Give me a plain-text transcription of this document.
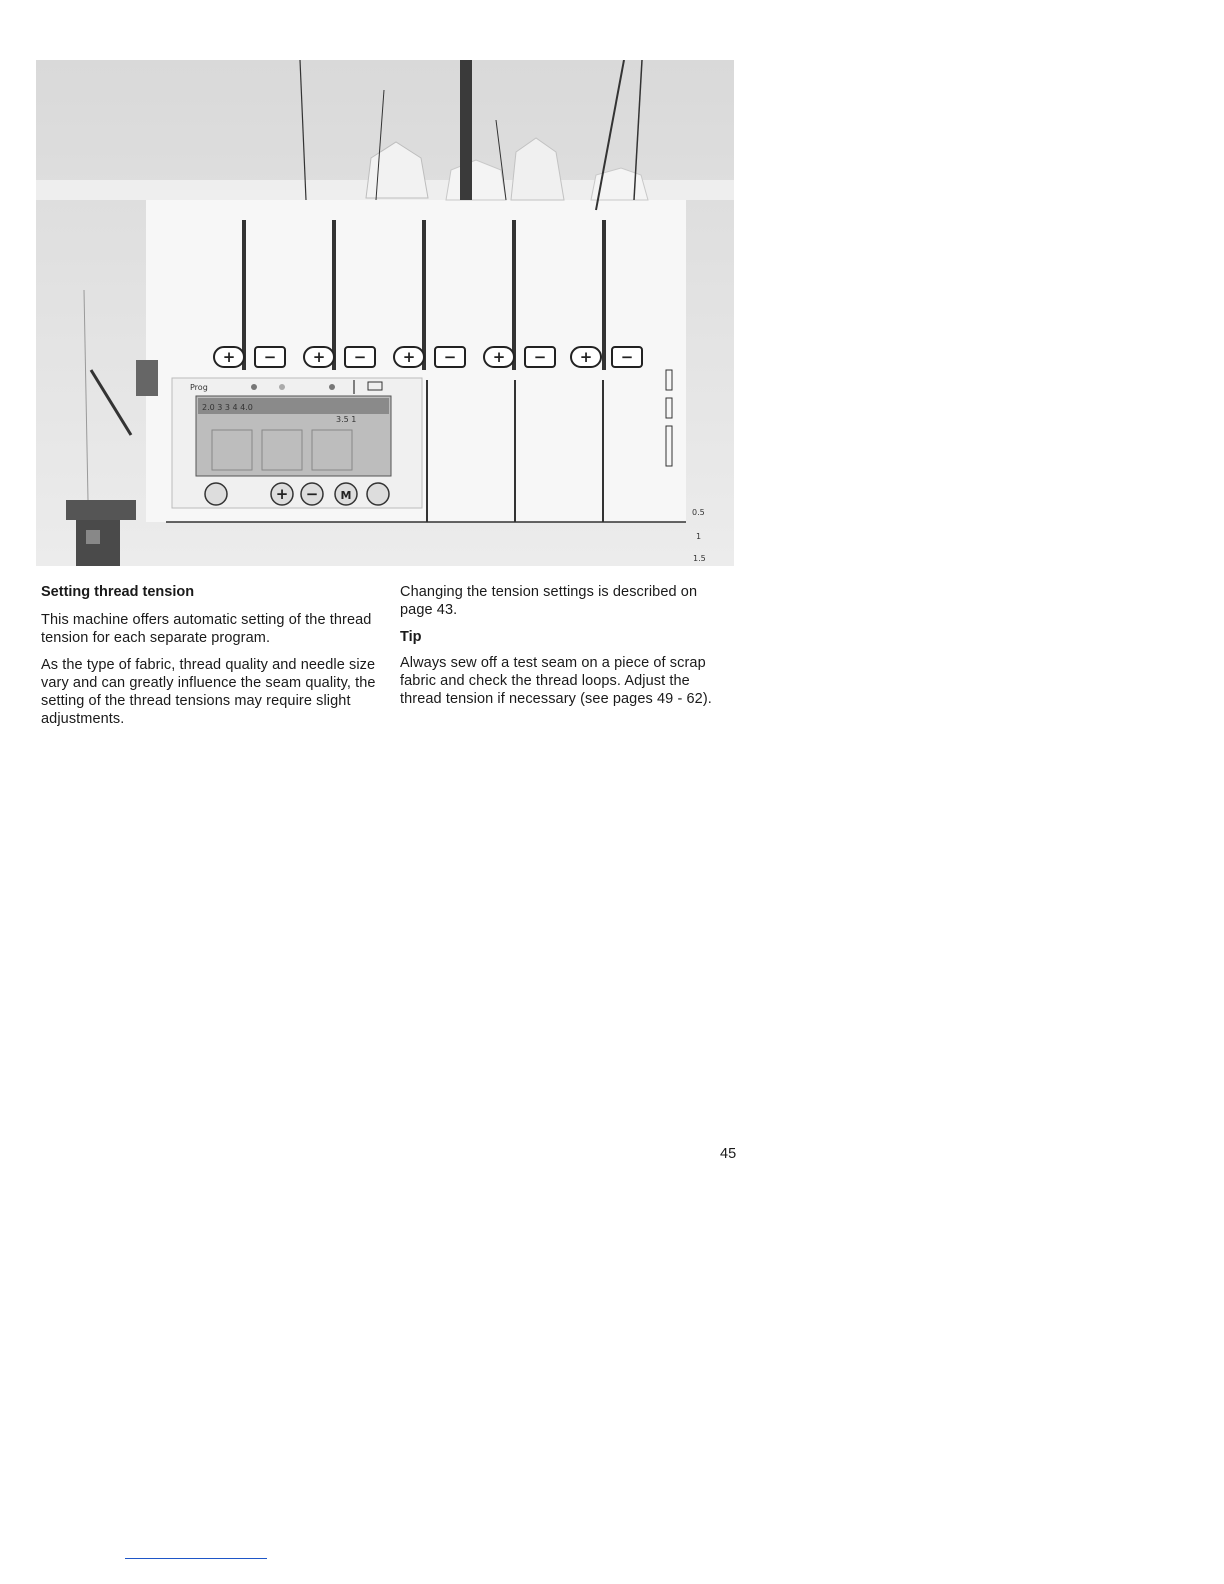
+ − + − + − + − + −
Prog
2.0 3 3 4 4.0
3.5 1
+ − M
0.5
1
1.5

Setting thread tension

This machine offers automatic setting of the thread tension for each separate program.

As the type of fabric, thread quality and needle size vary and can greatly influence the seam quality, the setting of the thread tensions may require slight adjustments.

Changing the tension settings is described on page 43.

Tip

Always sew off a test seam on a piece of scrap fabric and check the thread loops. Adjust the thread tension if necessary (see pages 49 - 62).

45
